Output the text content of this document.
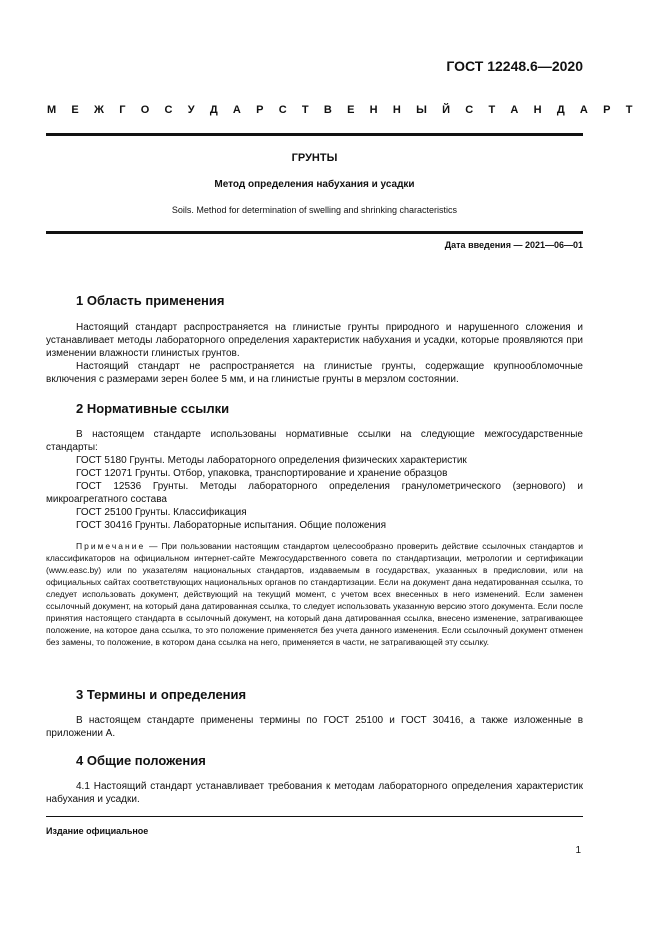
ГОСТ 12248.6—2020
М Е Ж Г О С У Д А Р С Т В Е Н Н Ы Й С Т А Н Д А Р Т
ГРУНТЫ
Метод определения набухания и усадки
Soils. Method for determination of swelling and shrinking characteristics
Дата введения — 2021—06—01
1 Область применения

Настоящий стандарт распространяется на глинистые грунты природного и нарушенного сложения и устанавливает методы лабораторного определения характеристик набухания и усадки, которые проявляются при изменении влажности глинистых грунтов.

Настоящий стандарт не распространяется на глинистые грунты, содержащие крупнообломочные включения с размерами зерен более 5 мм, и на глинистые грунты в мерзлом состоянии.

2 Нормативные ссылки

В настоящем стандарте использованы нормативные ссылки на следующие межгосударственные стандарты:

ГОСТ 5180 Грунты. Методы лабораторного определения физических характеристик

ГОСТ 12071 Грунты. Отбор, упаковка, транспортирование и хранение образцов

ГОСТ 12536 Грунты. Методы лабораторного определения гранулометрического (зернового) и микроагрегатного состава

ГОСТ 25100 Грунты. Классификация

ГОСТ 30416 Грунты. Лабораторные испытания. Общие положения

Примечание — При пользовании настоящим стандартом целесообразно проверить действие ссылочных стандартов и классификаторов на официальном интернет-сайте Межгосударственного совета по стандартизации, метрологии и сертификации (www.easc.by) или по указателям национальных стандартов, издаваемым в государствах, указанных в предисловии, или на официальных сайтах соответствующих национальных органов по стандартизации. Если на документ дана недатированная ссылка, то следует использовать документ, действующий на текущий момент, с учетом всех внесенных в него изменений. Если заменен ссылочный документ, на который дана датированная ссылка, то следует использовать указанную версию этого документа. Если после принятия настоящего стандарта в ссылочный документ, на который дана датированная ссылка, внесено изменение, затрагивающее положение, на которое дана ссылка, то это положение применяется без учета данного изменения. Если ссылочный документ отменен без замены, то положение, в котором дана ссылка на него, применяется в части, не затрагивающей эту ссылку.
3 Термины и определения

В настоящем стандарте применены термины по ГОСТ 25100 и ГОСТ 30416, а также изложенные в приложении А.

4 Общие положения

4.1 Настоящий стандарт устанавливает требования к методам лабораторного определения характеристик набухания и усадки.

Издание официальное
1
